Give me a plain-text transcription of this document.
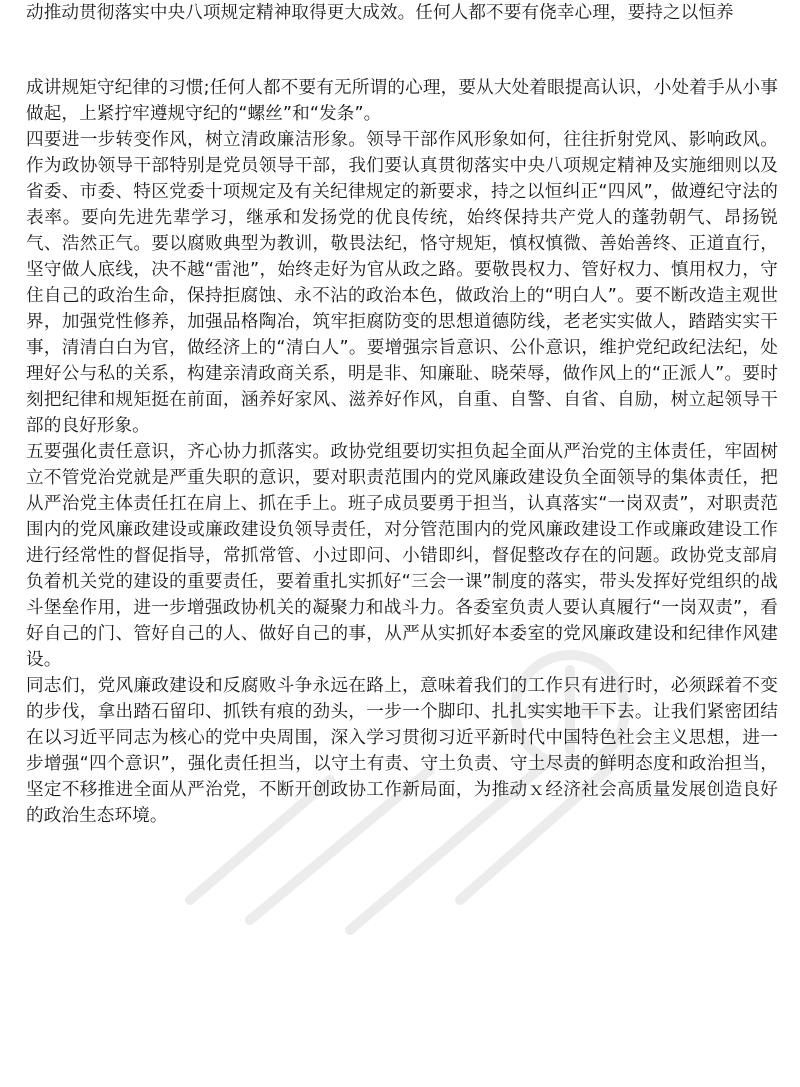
动推动贯彻落实中央八项规定精神取得更大成效。任何人都不要有侥幸心理，要持之以恒养

成讲规矩守纪律的习惯;任何人都不要有无所谓的心理，要从大处着眼提高认识，小处着手从小事做起，上紧拧牢遵规守纪的“螺丝”和“发条”。

四要进一步转变作风，树立清政廉洁形象。领导干部作风形象如何，往往折射党风、影响政风。作为政协领导干部特别是党员领导干部，我们要认真贯彻落实中央八项规定精神及实施细则以及省委、市委、特区党委十项规定及有关纪律规定的新要求，持之以恒纠正“四风”，做遵纪守法的表率。要向先进先辈学习，继承和发扬党的优良传统，始终保持共产党人的蓬勃朝气、昂扬锐气、浩然正气。要以腐败典型为教训，敬畏法纪，恪守规矩，慎权慎微、善始善终、正道直行，坚守做人底线，决不越“雷池”，始终走好为官从政之路。要敬畏权力、管好权力、慎用权力，守住自己的政治生命，保持拒腐蚀、永不沾的政治本色，做政治上的“明白人”。要不断改造主观世界，加强党性修养，加强品格陶冶，筑牢拒腐防变的思想道德防线，老老实实做人，踏踏实实干事，清清白白为官，做经济上的“清白人”。要增强宗旨意识、公仆意识，维护党纪政纪法纪，处理好公与私的关系，构建亲清政商关系，明是非、知廉耻、晓荣辱，做作风上的“正派人”。要时刻把纪律和规矩挺在前面，涵养好家风、滋养好作风，自重、自警、自省、自励，树立起领导干部的良好形象。

五要强化责任意识，齐心协力抓落实。政协党组要切实担负起全面从严治党的主体责任，牢固树立不管党治党就是严重失职的意识，要对职责范围内的党风廉政建设负全面领导的集体责任，把从严治党主体责任扛在肩上、抓在手上。班子成员要勇于担当，认真落实“一岗双责”，对职责范围内的党风廉政建设或廉政建设负领导责任，对分管范围内的党风廉政建设工作或廉政建设工作进行经常性的督促指导，常抓常管、小过即问、小错即纠，督促整改存在的问题。政协党支部肩负着机关党的建设的重要责任，要着重扎实抓好“三会一课”制度的落实，带头发挥好党组织的战斗堡垒作用，进一步增强政协机关的凝聚力和战斗力。各委室负责人要认真履行“一岗双责”，看好自己的门、管好自己的人、做好自己的事，从严从实抓好本委室的党风廉政建设和纪律作风建设。

同志们，党风廉政建设和反腐败斗争永远在路上，意味着我们的工作只有进行时，必须踩着不变的步伐，拿出踏石留印、抓铁有痕的劲头，一步一个脚印、扎扎实实地干下去。让我们紧密团结在以习近平同志为核心的党中央周围，深入学习贯彻习近平新时代中国特色社会主义思想，进一步增强“四个意识”，强化责任担当，以守土有责、守土负责、守土尽责的鲜明态度和政治担当，坚定不移推进全面从严治党，不断开创政协工作新局面，为推动ｘ经济社会高质量发展创造良好的政治生态环境。
